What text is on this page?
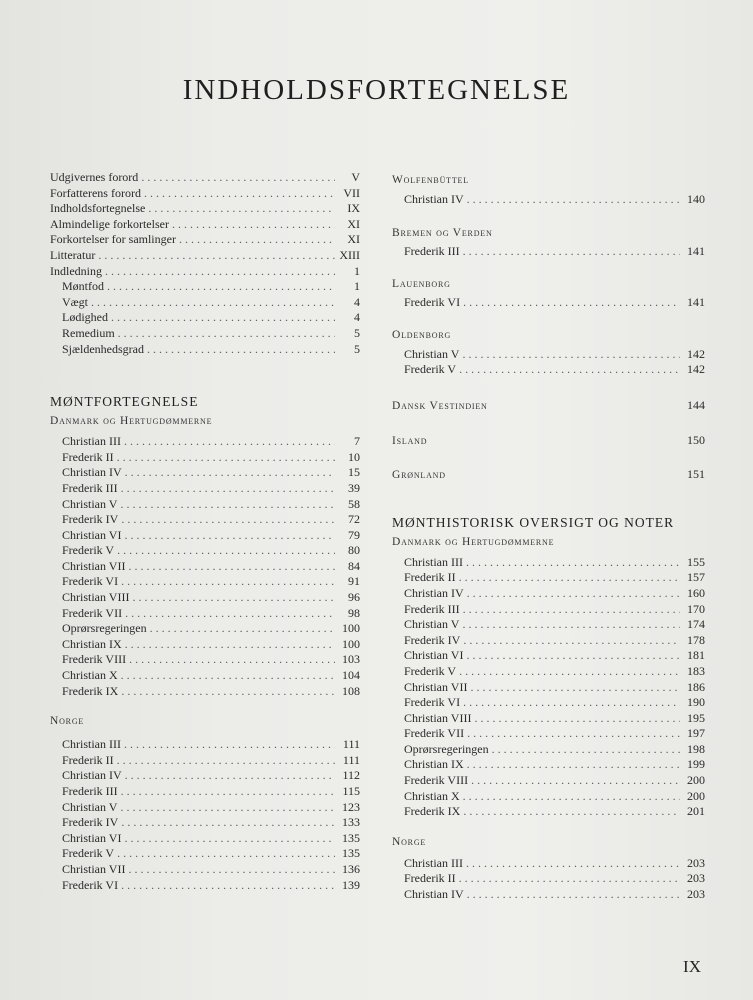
INDHOLDSFORTEGNELSE
Udgivernes forord . . .	V
Forfatterens forord . . .	VII
Indholdsfortegnelse . . .	IX
Almindelige forkortelser . . .	XI
Forkortelser for samlinger . . .	XI
Litteratur . . .	XIII
Indledning . . .	1
Møntfod . . .	1
Vægt . . .	4
Lødighed . . .	4
Remedium . . .	5
Sjældenhedsgrad . . .	5
MØNTFORTEGNELSE
Danmark og Hertugdømmerne
Christian III . . .	7
Frederik II . . .	10
Christian IV . . .	15
Frederik III . . .	39
Christian V . . .	58
Frederik IV . . .	72
Christian VI . . .	79
Frederik V . . .	80
Christian VII . . .	84
Frederik VI . . .	91
Christian VIII . . .	96
Frederik VII . . .	98
Oprørsregeringen . . .	100
Christian IX . . .	100
Frederik VIII . . .	103
Christian X . . .	104
Frederik IX . . .	108
Norge
Christian III . . .	111
Frederik II . . .	111
Christian IV . . .	112
Frederik III . . .	115
Christian V . . .	123
Frederik IV . . .	133
Christian VI . . .	135
Frederik V . . .	135
Christian VII . . .	136
Frederik VI . . .	139
Wolfenbüttel
Christian IV . . .	140
Bremen og Verden
Frederik III . . .	141
Lauenborg
Frederik VI . . .	141
Oldenborg
Christian V . . .	142
Frederik V . . .	142
Dansk Vestindien	144
Island	150
Grønland	151
MØNTHISTORISK OVERSIGT OG NOTER
Danmark og Hertugdømmerne
Christian III . . .	155
Frederik II . . .	157
Christian IV . . .	160
Frederik III . . .	170
Christian V . . .	174
Frederik IV . . .	178
Christian VI . . .	181
Frederik V . . .	183
Christian VII . . .	186
Frederik VI . . .	190
Christian VIII . . .	195
Frederik VII . . .	197
Oprørsregeringen . . .	198
Christian IX . . .	199
Frederik VIII . . .	200
Christian X . . .	200
Frederik IX . . .	201
Norge
Christian III . . .	203
Frederik II . . .	203
Christian IV . . .	203
IX
